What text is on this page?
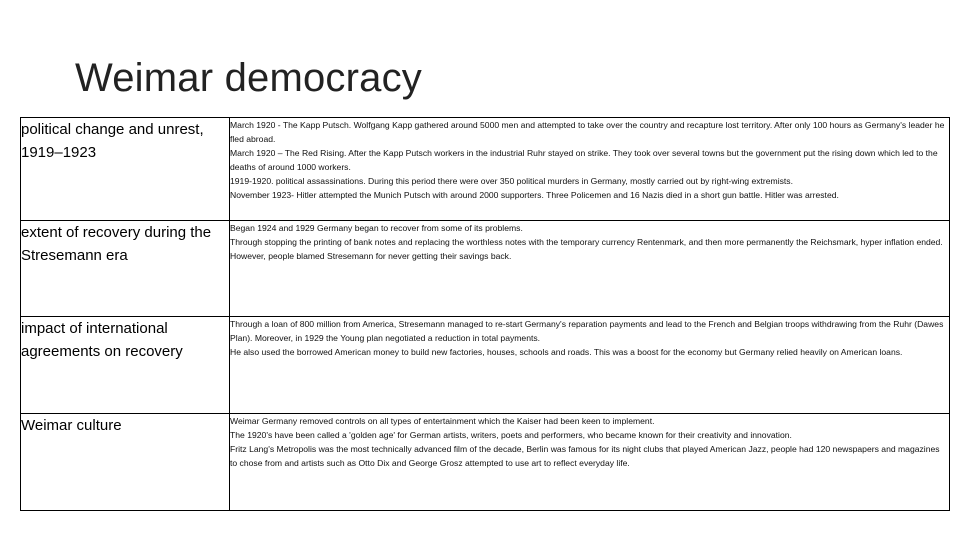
Weimar democracy
political change and unrest, 1919–1923	March 1920 - The Kapp Putsch. Wolfgang Kapp gathered around 5000 men and attempted to take over the country and recapture lost territory. After only 100 hours as Germany's leader he fled abroad.

March 1920 – The Red Rising. After the Kapp Putsch workers in the industrial Ruhr stayed on strike. They took over several towns but the government put the rising down which led to the deaths of around 1000 workers.

1919-1920. political assassinations. During this period there were over 350 political murders in Germany, mostly carried out by right-wing extremists.

November 1923- Hitler attempted the Munich Putsch with around 2000 supporters. Three Policemen and 16 Nazis died in a short gun battle. Hitler was arrested.

extent of recovery during the Stresemann era	Began 1924 and 1929 Germany began to recover from some of its problems.

Through stopping the printing of bank notes and replacing the worthless notes with the temporary currency Rentenmark, and then more permanently the Reichsmark, hyper inflation ended. However, people blamed Stresemann for never getting their savings back.

impact of international agreements on recovery	Through a loan of 800 million from America, Stresemann managed to re-start Germany's reparation payments and lead to the French and Belgian troops withdrawing from the Ruhr (Dawes Plan). Moreover, in 1929 the Young plan negotiated a reduction in total payments.

He also used the borrowed American money to build new factories, houses, schools and roads. This was a boost for the economy but Germany relied heavily on American loans.

Weimar culture	Weimar Germany removed controls on all types of entertainment which the Kaiser had been keen to implement.

The 1920's have been called a 'golden age' for German artists, writers, poets and performers, who became known for their creativity and innovation.

Fritz Lang's Metropolis was the most technically advanced film of the decade, Berlin was famous for its night clubs that played American Jazz, people had 120 newspapers and magazines to chose from and artists such as Otto Dix and George Grosz attempted to use art to reflect everyday life.
